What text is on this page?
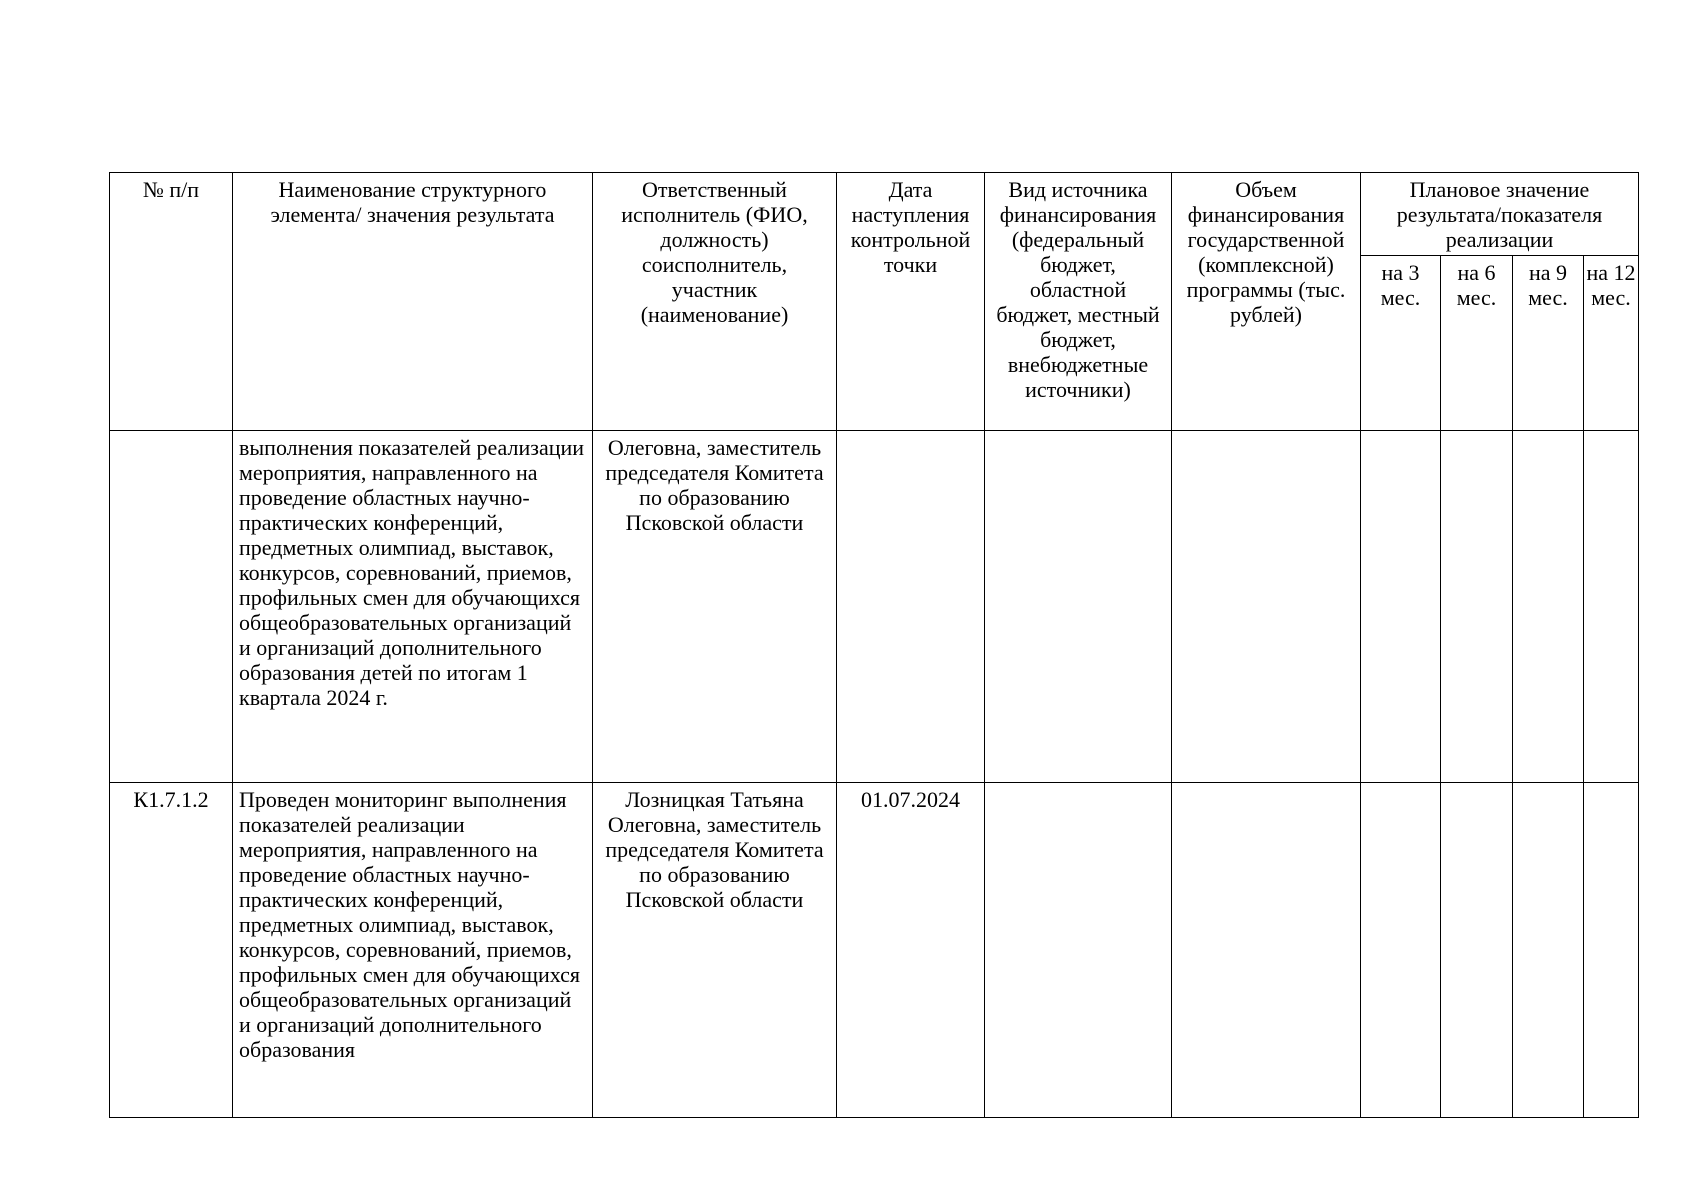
№ п/п	Наименование структурного элемента/ значения результата	Ответственный исполнитель (ФИО, должность) соисполнитель, участник (наименование)	Дата наступления контрольной точки	Вид источника финансирования (федеральный бюджет, областной бюджет, местный бюджет, внебюджетные источники)	Объем финансирования государственной (комплексной) программы (тыс. рублей)	Плановое значение результата/показателя реализации			
						на 3 мес.	на 6 мес.	на 9 мес.	на 12 мес.
	выполнения показателей реализации мероприятия, направленного на проведение областных научно-практических конференций, предметных олимпиад, выставок, конкурсов, соревнований, приемов, профильных смен для обучающихся общеобразовательных организаций и организаций дополнительного образования детей по итогам 1 квартала 2024 г.	Олеговна, заместитель председателя Комитета по образованию Псковской области							
К1.7.1.2	Проведен мониторинг выполнения показателей реализации мероприятия, направленного на проведение областных научно-практических конференций, предметных олимпиад, выставок, конкурсов, соревнований, приемов, профильных смен для обучающихся общеобразовательных организаций и организаций дополнительного образования	Лозницкая Татьяна Олеговна, заместитель председателя Комитета по образованию Псковской области	01.07.2024						
